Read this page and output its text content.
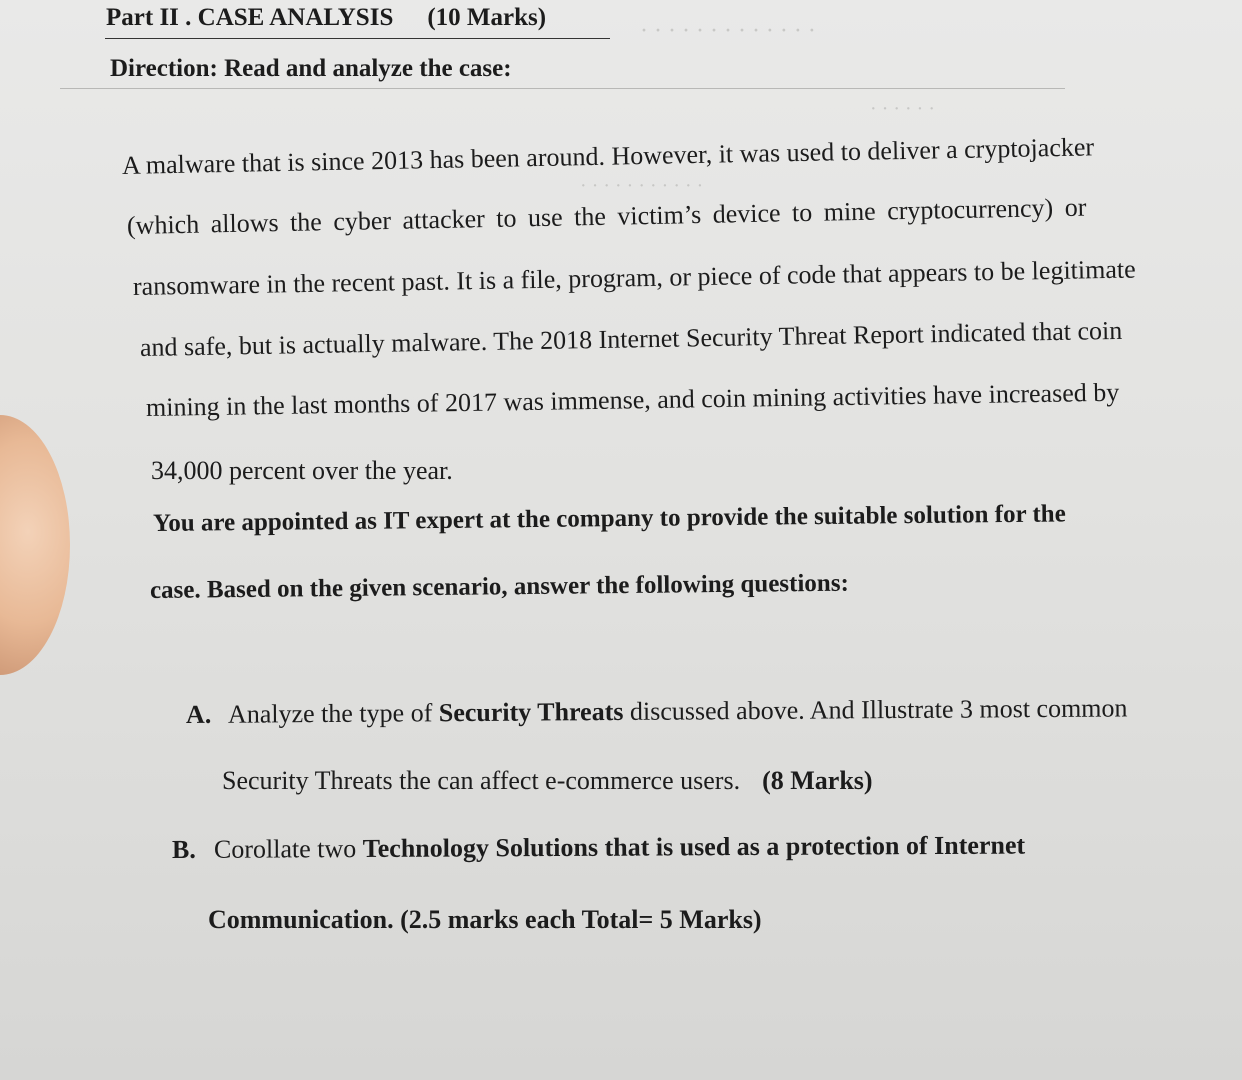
· · · · · · · · · · · · ·
· · · · · ·
· · · · · · · · · · ·
Part II . CASE ANALYSIS (10 Marks)
Direction: Read and analyze the case:
A malware that is since 2013 has been around. However, it was used to deliver a cryptojacker
(which allows the cyber attacker to use the victim’s device to mine cryptocurrency) or
ransomware in the recent past. It is a file, program, or piece of code that appears to be legitimate
and safe, but is actually malware. The 2018 Internet Security Threat Report indicated that coin
mining in the last months of 2017 was immense, and coin mining activities have increased by
34,000 percent over the year.
You are appointed as IT expert at the company to provide the suitable solution for the
case. Based on the given scenario, answer the following questions:
A. Analyze the type of Security Threats discussed above. And Illustrate 3 most common
Security Threats the can affect e-commerce users. (8 Marks)
B. Corollate two Technology Solutions that is used as a protection of Internet
Communication. (2.5 marks each Total= 5 Marks)
